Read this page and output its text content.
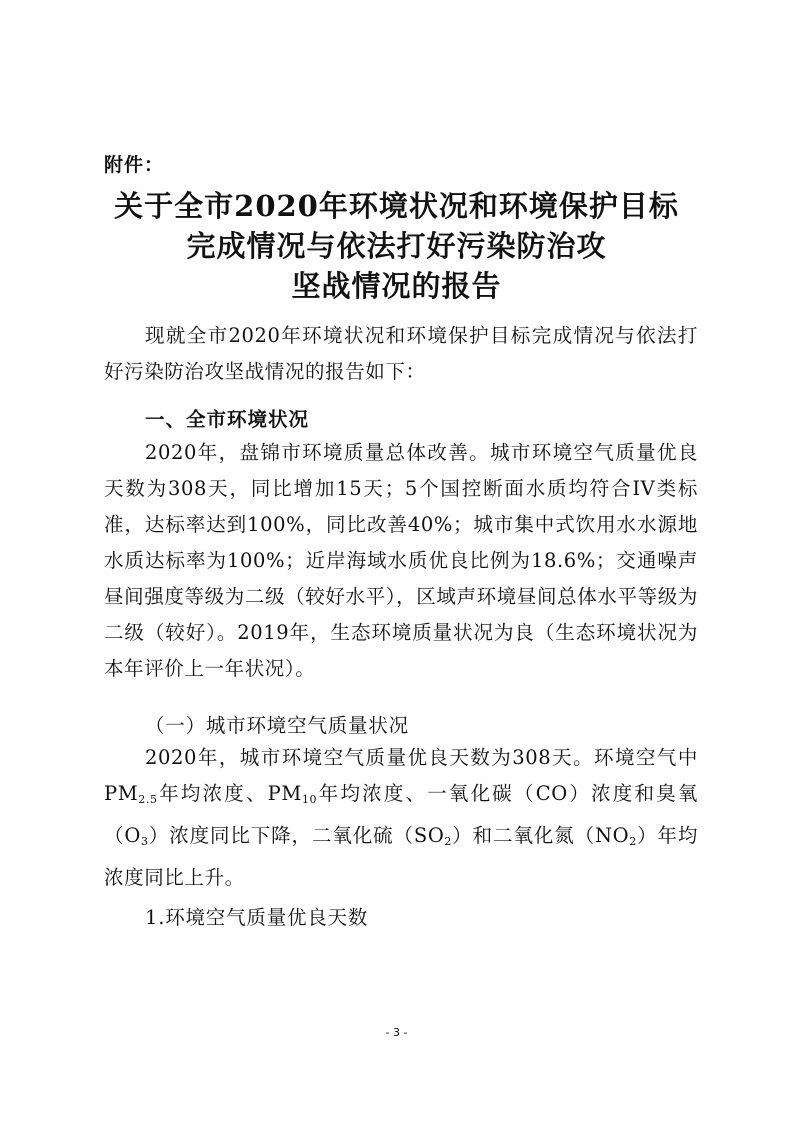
附件：
关于全市2020年环境状况和环境保护目标
完成情况与依法打好污染防治攻
坚战情况的报告
现就全市2020年环境状况和环境保护目标完成情况与依法打好污染防治攻坚战情况的报告如下：
一、全市环境状况
2020年，盘锦市环境质量总体改善。城市环境空气质量优良天数为308天，同比增加15天；5个国控断面水质均符合IV类标准，达标率达到100%，同比改善40%；城市集中式饮用水水源地水质达标率为100%；近岸海域水质优良比例为18.6%；交通噪声昼间强度等级为二级（较好水平），区域声环境昼间总体水平等级为二级（较好）。2019年，生态环境质量状况为良（生态环境状况为本年评价上一年状况）。
（一）城市环境空气质量状况
2020年，城市环境空气质量优良天数为308天。环境空气中$PM_{2.5}$年均浓度、$PM_{10}$年均浓度、一氧化碳（CO）浓度和臭氧$(O_3)$浓度同比下降，二氧化硫$(SO_2)$和二氧化氮$(NO_2)$年均浓度同比上升。
1.环境空气质量优良天数
- 3 -
